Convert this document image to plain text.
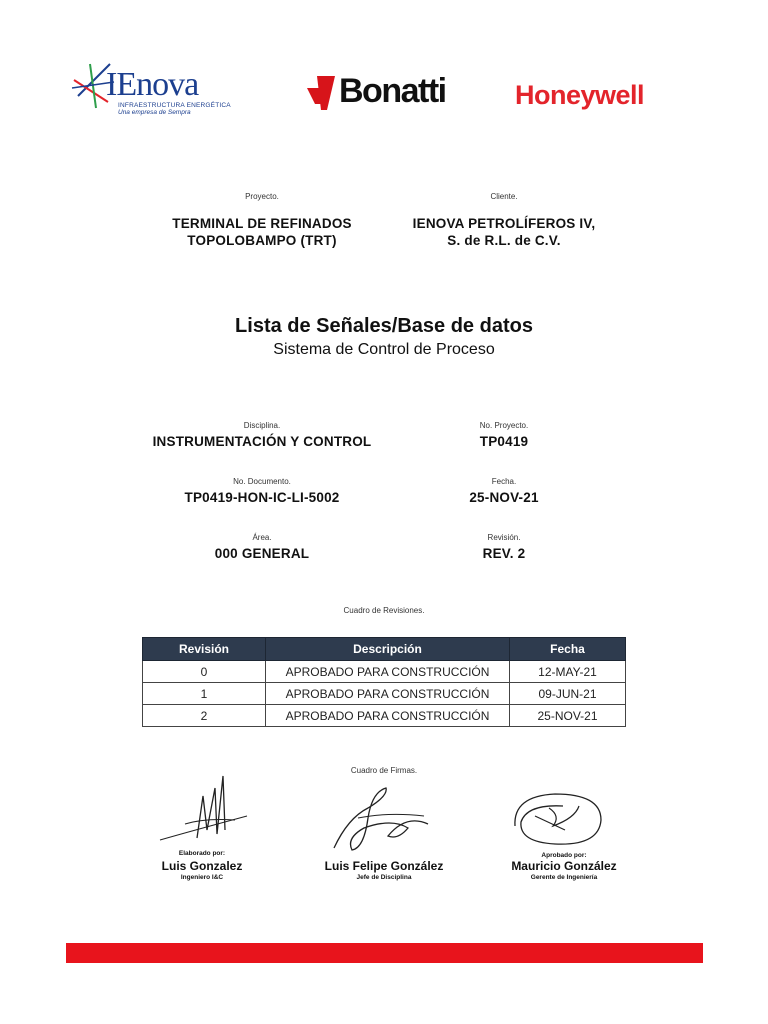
IEnova
INFRAESTRUCTURA ENERGÉTICA
Una empresa de Sempra
Bonatti	Honeywell
Proyecto.
TERMINAL DE REFINADOS
TOPOLOBAMPO (TRT)
Cliente.
IENOVA PETROLÍFEROS IV,
S. de R.L. de C.V.
Lista de Señales/Base de datos
Sistema de Control de Proceso
Disciplina.
INSTRUMENTACIÓN Y CONTROL
No. Proyecto.
TP0419
No. Documento.
TP0419-HON-IC-LI-5002
Fecha.
25-NOV-21
Área.
000 GENERAL
Revisión.
REV. 2
Cuadro de Revisiones.
Revisión	Descripción	Fecha
0	APROBADO PARA CONSTRUCCIÓN	12-MAY-21
1	APROBADO PARA CONSTRUCCIÓN	09-JUN-21
2	APROBADO PARA CONSTRUCCIÓN	25-NOV-21
Cuadro de Firmas.
Elaborado por:
Luis Gonzalez
Ingeniero I&C
Luis Felipe González
Jefe de Disciplina
Aprobado por:
Mauricio González
Gerente de Ingeniería
